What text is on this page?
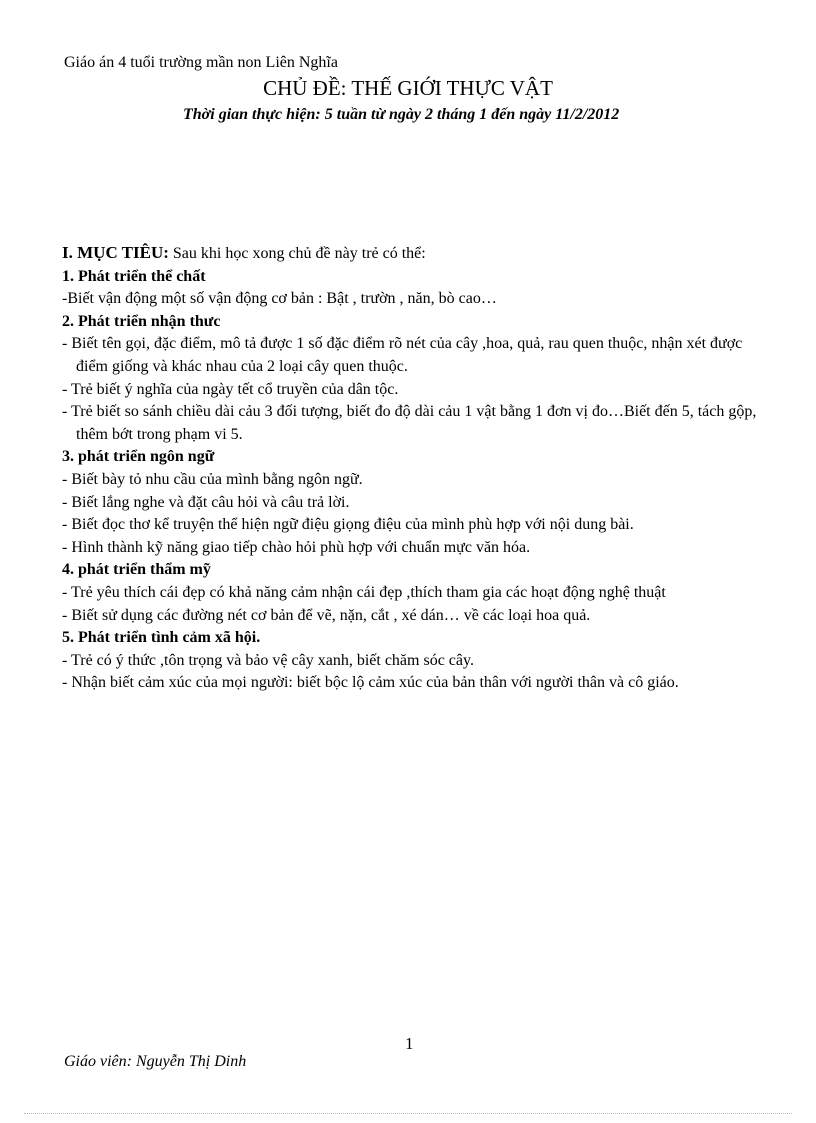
Giáo án 4 tuổi trường mần non Liên Nghĩa
CHỦ ĐỀ: THẾ GIỚI THỰC VẬT
Thời gian thực hiện: 5 tuần từ ngày 2 tháng 1 đến ngày 11/2/2012

I. MỤC TIÊU: Sau khi học xong chủ đề này trẻ có thể:

1. Phát triển thể chất

-Biết vận động một số vận động cơ bản : Bật , trườn , năn, bò cao…

2. Phát triển nhận thưc

- Biết tên gọi, đặc điểm, mô tả được 1 số đặc điểm rõ nét của cây ,hoa, quả, rau quen thuộc, nhận xét được điểm giống và khác nhau của 2 loại cây quen thuộc.

- Trẻ biết ý nghĩa của ngày tết cổ truyền của dân tộc.

- Trẻ biết so sánh chiều dài cảu 3 đối tượng, biết đo độ dài cảu 1 vật bằng 1 đơn vị đo…Biết đến 5, tách gộp, thêm bớt trong phạm vi 5.

3. phát triển ngôn ngữ

- Biết bày tỏ nhu cầu của mình bằng ngôn ngữ.

- Biết lắng nghe và đặt câu hỏi và câu trả lời.

- Biết đọc thơ kể truyện thể hiện ngữ điệu giọng điệu của mình phù hợp với nội dung bài.

- Hình thành kỹ năng giao tiếp chào hỏi phù hợp với chuẩn mực văn hóa.

4. phát triển thẩm mỹ

- Trẻ yêu thích cái đẹp có khả năng cảm nhận cái đẹp ,thích tham gia các hoạt động nghệ thuật

- Biết sử dụng các đường nét cơ bản để vẽ, nặn, cắt , xé dán… về các loại hoa quả.

5. Phát triển tình cảm xã hội.

- Trẻ có ý thức ,tôn trọng và bảo vệ cây xanh, biết chăm sóc cây.

- Nhận biết cảm xúc của mọi người: biết bộc lộ cảm xúc của bản thân với người thân và cô giáo.

1
Giáo viên: Nguyễn Thị Dinh
